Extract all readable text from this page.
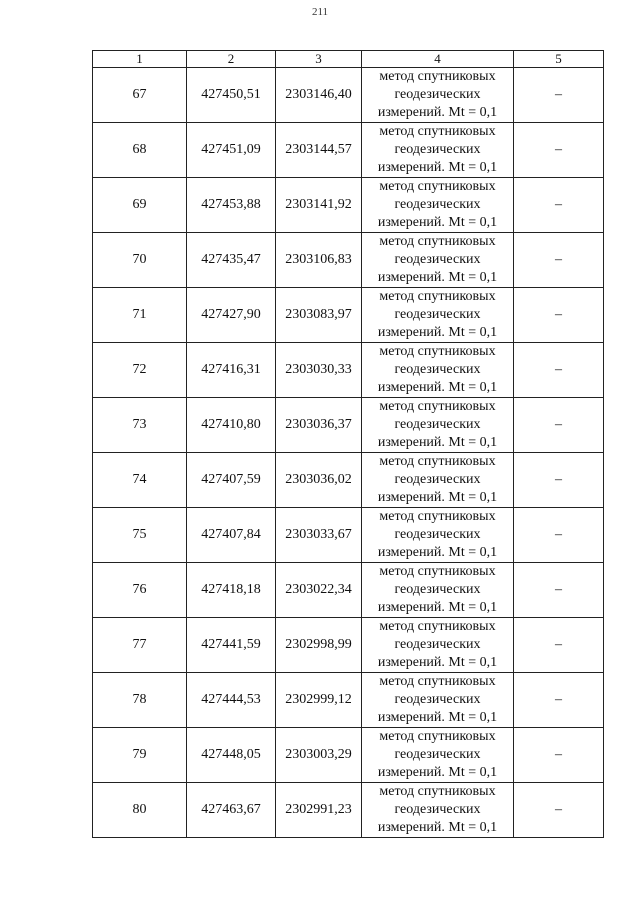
211
1	2	3	4	5
67	427450,51	2303146,40	метод спутниковых
геодезических
измерений. Mt = 0,1	–
68	427451,09	2303144,57	метод спутниковых
геодезических
измерений. Mt = 0,1	–
69	427453,88	2303141,92	метод спутниковых
геодезических
измерений. Mt = 0,1	–
70	427435,47	2303106,83	метод спутниковых
геодезических
измерений. Mt = 0,1	–
71	427427,90	2303083,97	метод спутниковых
геодезических
измерений. Mt = 0,1	–
72	427416,31	2303030,33	метод спутниковых
геодезических
измерений. Mt = 0,1	–
73	427410,80	2303036,37	метод спутниковых
геодезических
измерений. Mt = 0,1	–
74	427407,59	2303036,02	метод спутниковых
геодезических
измерений. Mt = 0,1	–
75	427407,84	2303033,67	метод спутниковых
геодезических
измерений. Mt = 0,1	–
76	427418,18	2303022,34	метод спутниковых
геодезических
измерений. Mt = 0,1	–
77	427441,59	2302998,99	метод спутниковых
геодезических
измерений. Mt = 0,1	–
78	427444,53	2302999,12	метод спутниковых
геодезических
измерений. Mt = 0,1	–
79	427448,05	2303003,29	метод спутниковых
геодезических
измерений. Mt = 0,1	–
80	427463,67	2302991,23	метод спутниковых
геодезических
измерений. Mt = 0,1	–
